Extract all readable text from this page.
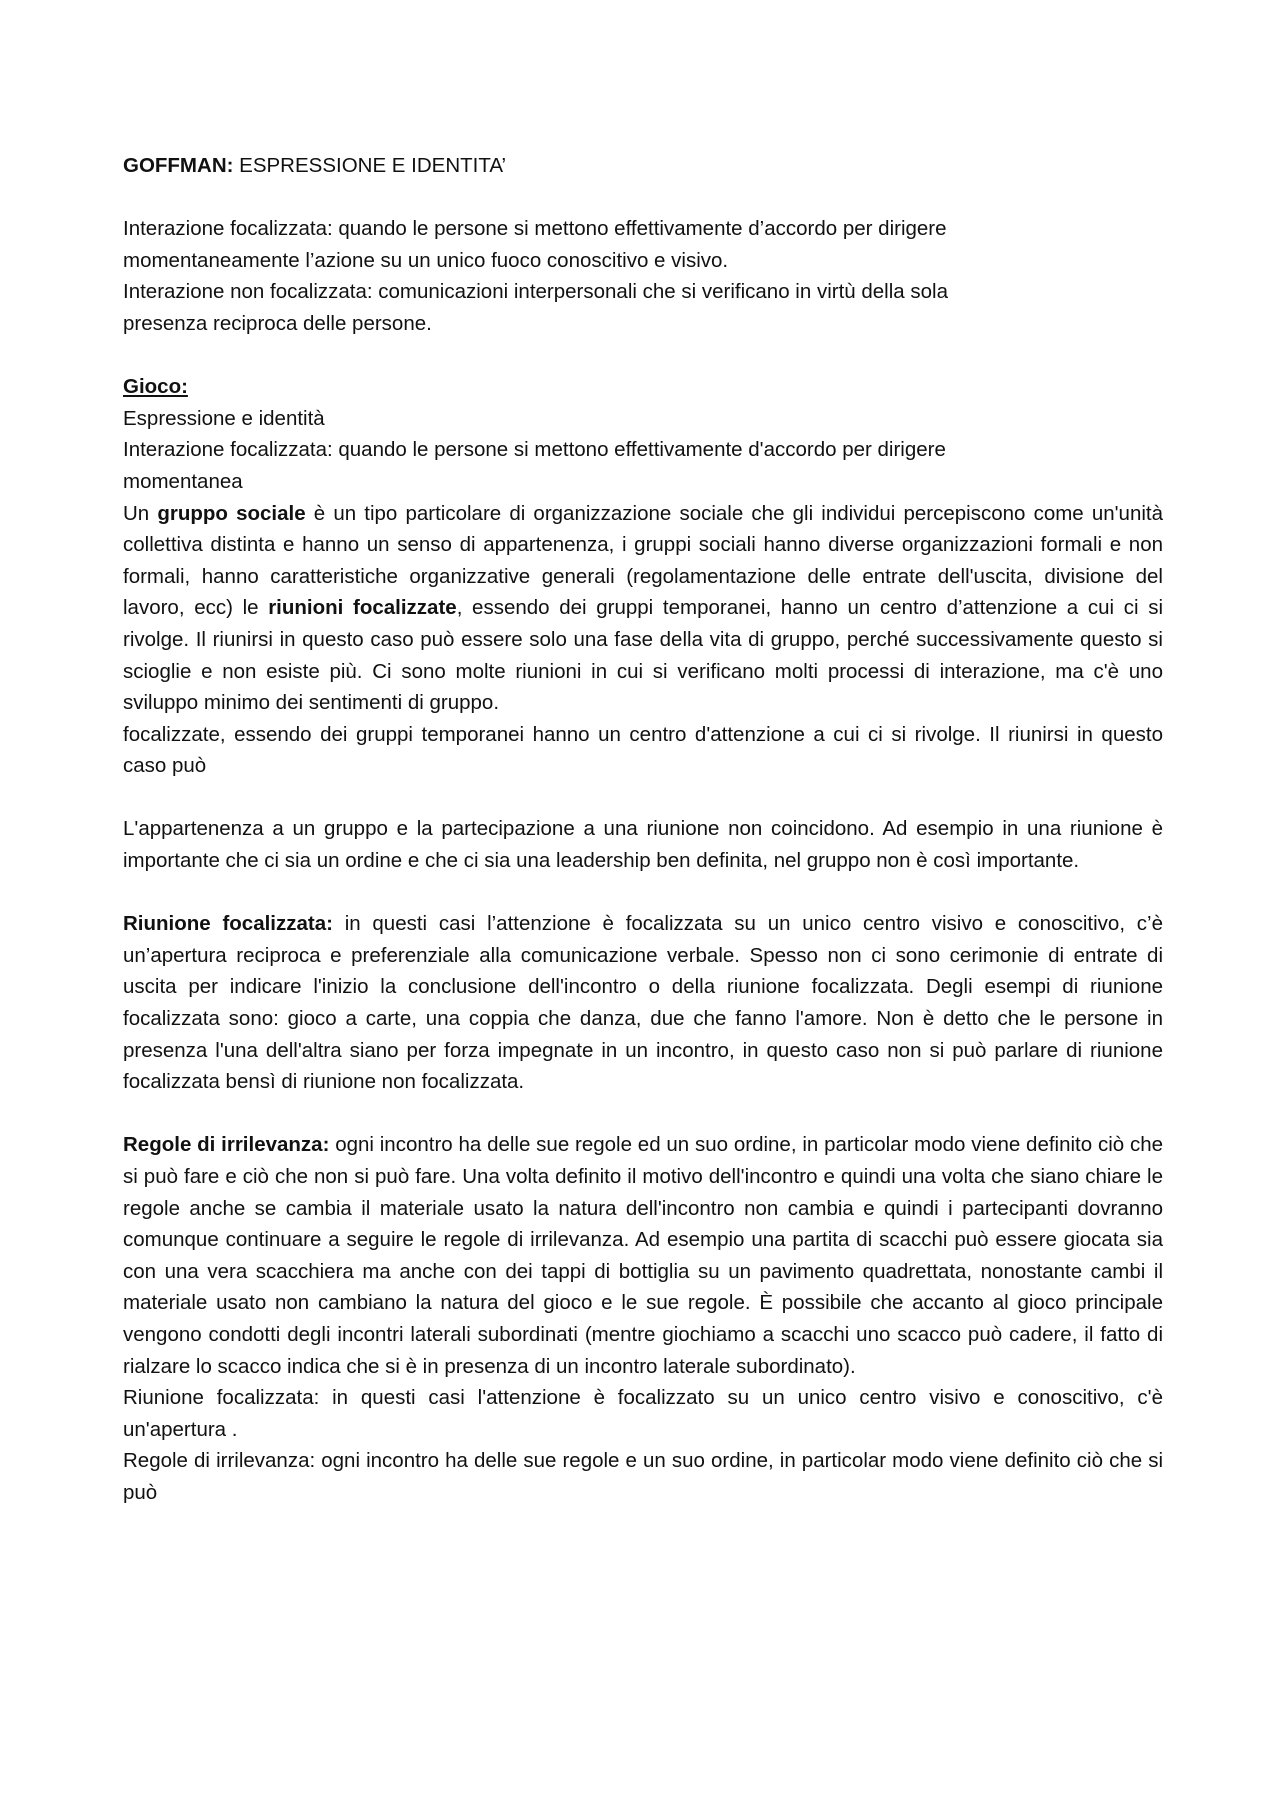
GOFFMAN: ESPRESSIONE E IDENTITA’

Interazione focalizzata: quando le persone si mettono effettivamente d’accordo per dirigere
momentaneamente l’azione su un unico fuoco conoscitivo e visivo.

Interazione non focalizzata: comunicazioni interpersonali che si verificano in virtù della sola
presenza reciproca delle persone.

Gioco:

Espressione e identità

Interazione focalizzata: quando le persone si mettono effettivamente d'accordo per dirigere

momentanea

Un gruppo sociale è un tipo particolare di organizzazione sociale che gli individui percepiscono come un'unità collettiva distinta e hanno un senso di appartenenza, i gruppi sociali hanno diverse organizzazioni formali e non formali, hanno caratteristiche organizzative generali (regolamentazione delle entrate dell'uscita, divisione del lavoro, ecc) le riunioni focalizzate, essendo dei gruppi temporanei, hanno un centro d’attenzione a cui ci si rivolge. Il riunirsi in questo caso può essere solo una fase della vita di gruppo, perché successivamente questo si scioglie e non esiste più. Ci sono molte riunioni in cui si verificano molti processi di interazione, ma c'è uno sviluppo minimo dei sentimenti di gruppo.

focalizzate, essendo dei gruppi temporanei hanno un centro d'attenzione a cui ci si rivolge. Il riunirsi in questo caso può

L'appartenenza a un gruppo e la partecipazione a una riunione non coincidono. Ad esempio in una riunione è importante che ci sia un ordine e che ci sia una leadership ben definita, nel gruppo non è così importante.

Riunione focalizzata: in questi casi l’attenzione è focalizzata su un unico centro visivo e conoscitivo, c’è un’apertura reciproca e preferenziale alla comunicazione verbale. Spesso non ci sono cerimonie di entrate di uscita per indicare l'inizio la conclusione dell'incontro o della riunione focalizzata. Degli esempi di riunione focalizzata sono: gioco a carte, una coppia che danza, due che fanno l'amore. Non è detto che le persone in presenza l'una dell'altra siano per forza impegnate in un incontro, in questo caso non si può parlare di riunione focalizzata bensì di riunione non focalizzata.

Regole di irrilevanza: ogni incontro ha delle sue regole ed un suo ordine, in particolar modo viene definito ciò che si può fare e ciò che non si può fare. Una volta definito il motivo dell'incontro e quindi una volta che siano chiare le regole anche se cambia il materiale usato la natura dell'incontro non cambia e quindi i partecipanti dovranno comunque continuare a seguire le regole di irrilevanza. Ad esempio una partita di scacchi può essere giocata sia con una vera scacchiera ma anche con dei tappi di bottiglia su un pavimento quadrettata, nonostante cambi il materiale usato non cambiano la natura del gioco e le sue regole. È possibile che accanto al gioco principale vengono condotti degli incontri laterali subordinati (mentre giochiamo a scacchi uno scacco può cadere, il fatto di rialzare lo scacco indica che si è in presenza di un incontro laterale subordinato).

Riunione focalizzata: in questi casi l'attenzione è focalizzato su un unico centro visivo e conoscitivo, c'è un'apertura .

Regole di irrilevanza: ogni incontro ha delle sue regole e un suo ordine, in particolar modo viene definito ciò che si può
